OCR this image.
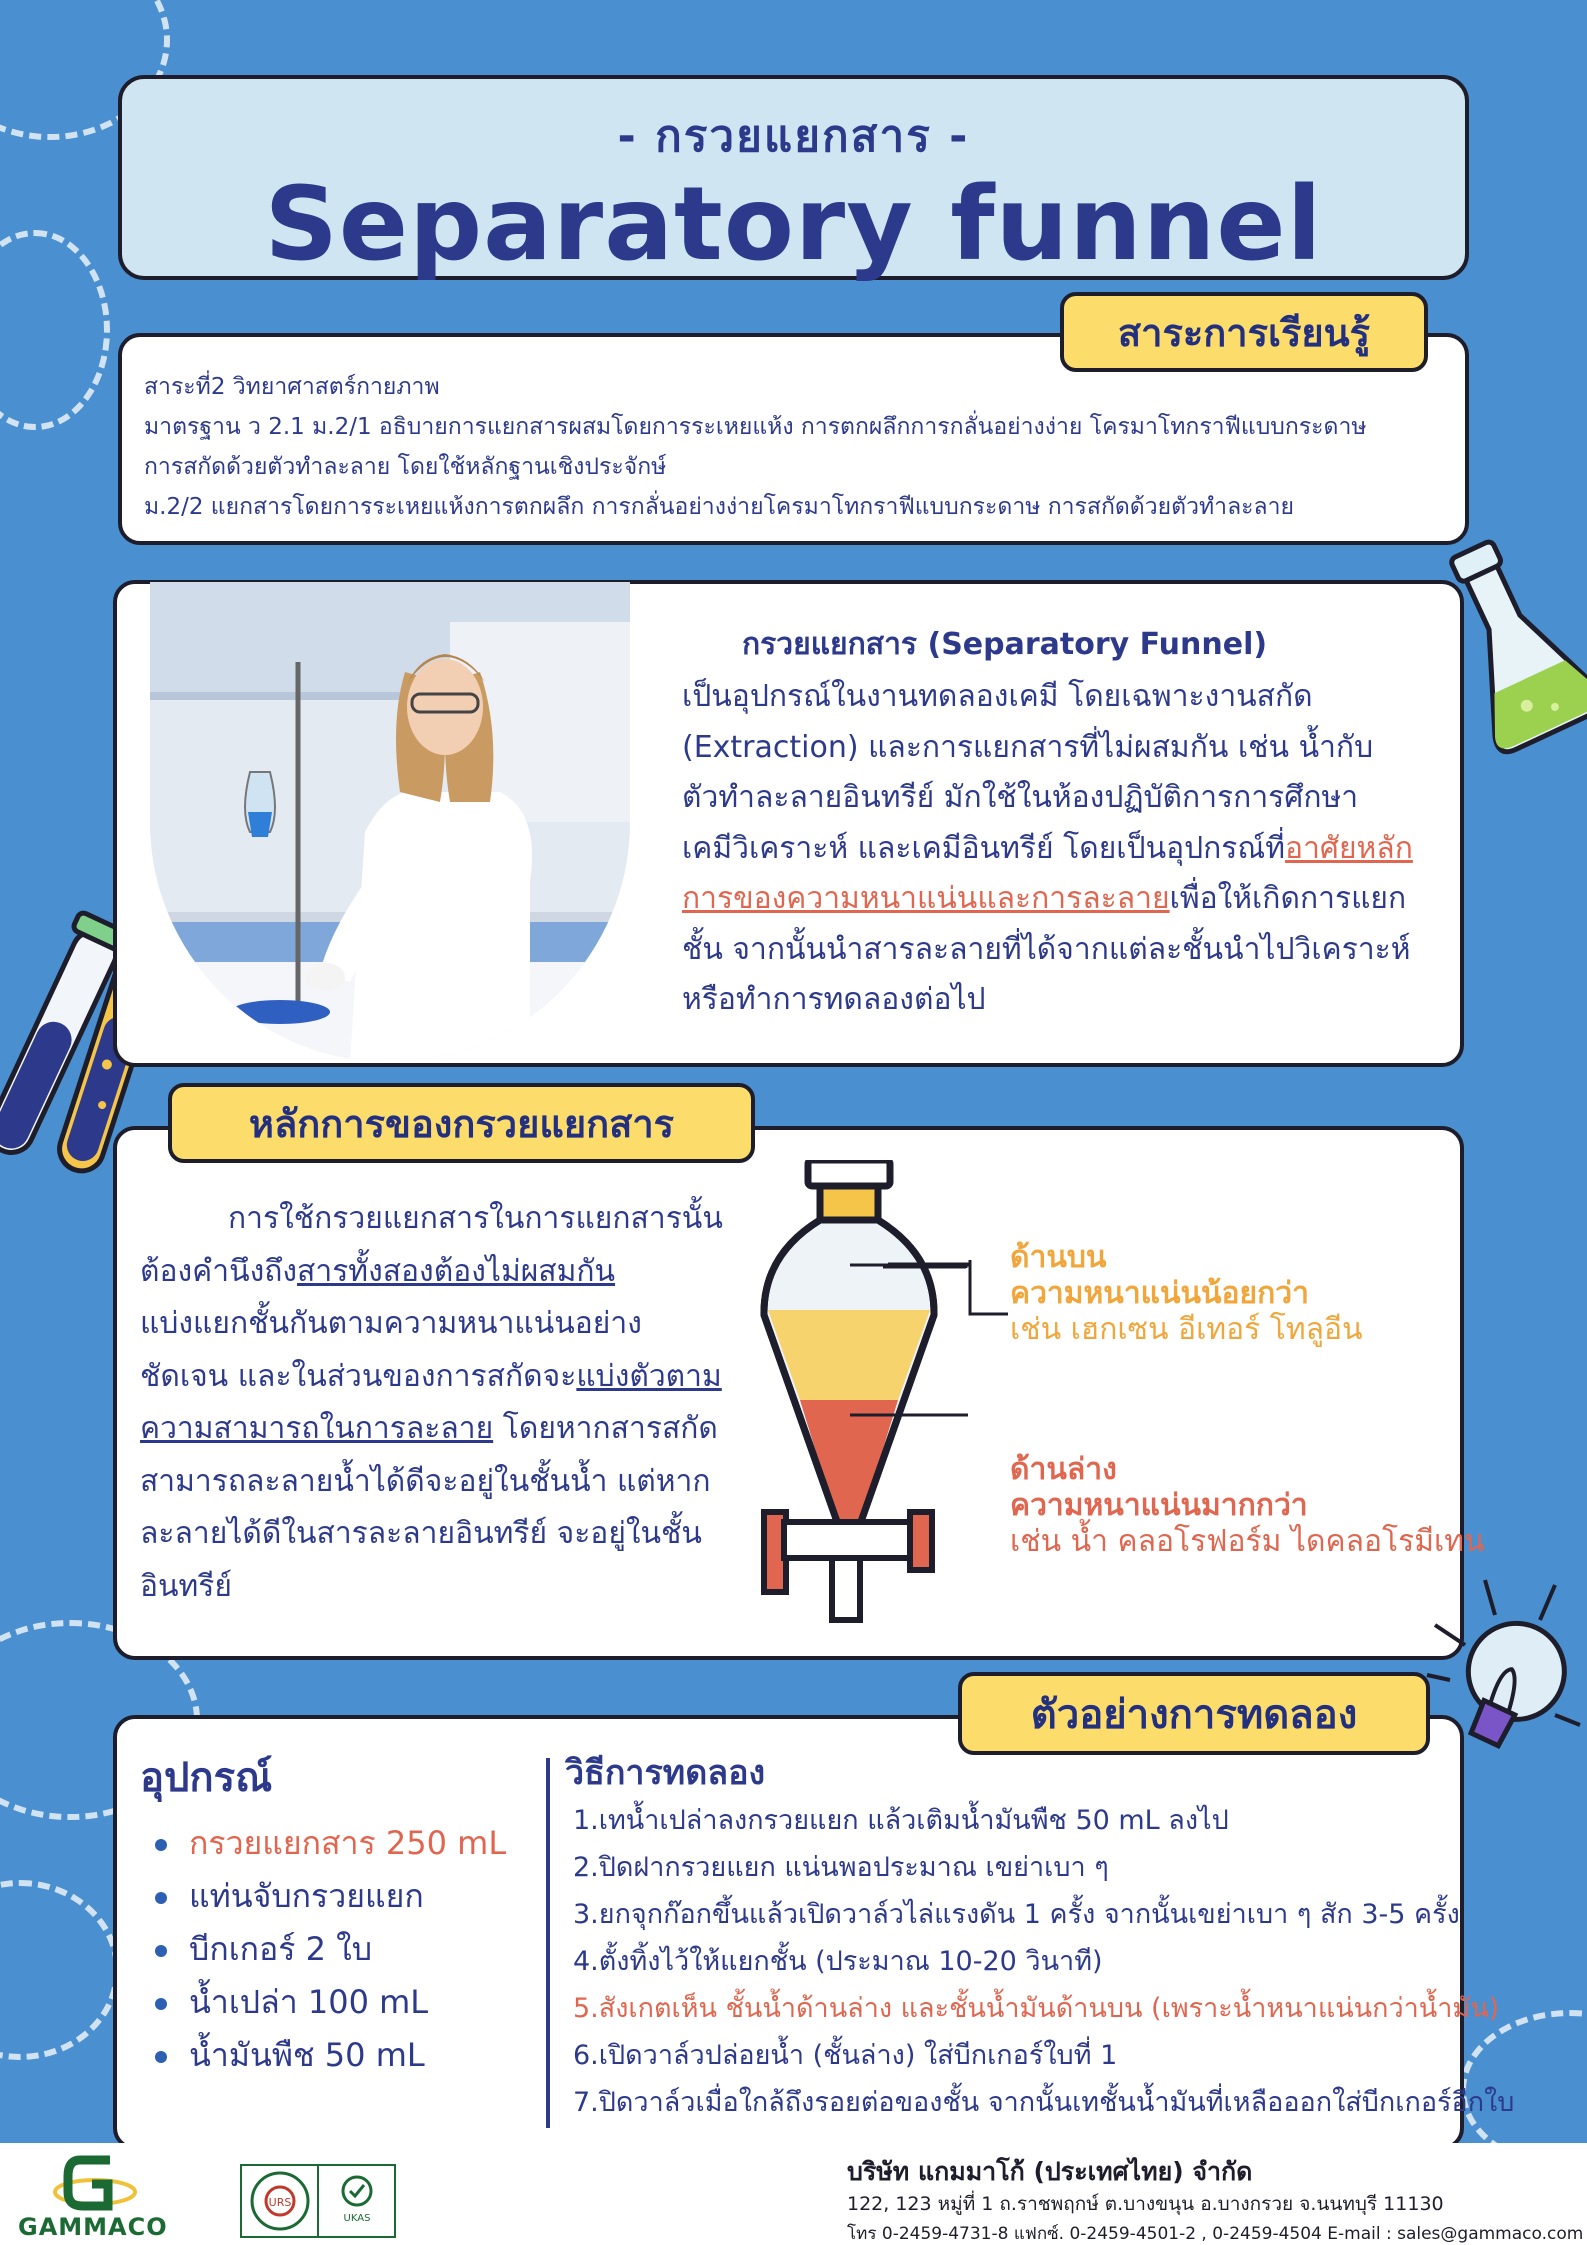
- กรวยแยกสาร -
Separatory funnel

สาระที่2 วิทยาศาสตร์กายภาพ

มาตรฐาน ว 2.1 ม.2/1 อธิบายการแยกสารผสมโดยการระเหยแห้ง การตกผลึกการกลั่นอย่างง่าย โครมาโทกราฟีแบบกระดาษ

การสกัดด้วยตัวทำละลาย โดยใช้หลักฐานเชิงประจักษ์

ม.2/2 แยกสารโดยการระเหยแห้งการตกผลึก การกลั่นอย่างง่ายโครมาโทกราฟีแบบกระดาษ การสกัดด้วยตัวทำละลาย

สาระการเรียนรู้
กรวยแยกสาร (Separatory Funnel)
เป็นอุปกรณ์ในงานทดลองเคมี โดยเฉพาะงานสกัด
(Extraction) และการแยกสารที่ไม่ผสมกัน เช่น น้ำกับ
ตัวทำละลายอินทรีย์ มักใช้ในห้องปฏิบัติการการศึกษา
เคมีวิเคราะห์ และเคมีอินทรีย์ โดยเป็นอุปกรณ์ที่อาศัยหลัก
การของความหนาแน่นและการละลายเพื่อให้เกิดการแยก
ชั้น จากนั้นนำสารละลายที่ได้จากแต่ละชั้นนำไปวิเคราะห์
หรือทำการทดลองต่อไป
หลักการของกรวยแยกสาร
การใช้กรวยแยกสารในการแยกสารนั้น
ต้องคำนึงถึงสารทั้งสองต้องไม่ผสมกัน
แบ่งแยกชั้นกันตามความหนาแน่นอย่าง
ชัดเจน และในส่วนของการสกัดจะแบ่งตัวตาม
ความสามารถในการละลาย โดยหากสารสกัด
สามารถละลายน้ำได้ดีจะอยู่ในชั้นน้ำ แต่หาก
ละลายได้ดีในสารละลายอินทรีย์ จะอยู่ในชั้น
อินทรีย์
ด้านบน
ความหนาแน่นน้อยกว่า
เช่น เฮกเซน อีเทอร์ โทลูอีน
ด้านล่าง
ความหนาแน่นมากกว่า
เช่น น้ำ คลอโรฟอร์ม ไดคลอโรมีเทน
ตัวอย่างการทดลอง
อุปกรณ์
กรวยแยกสาร 250 mL
แท่นจับกรวยแยก
บีกเกอร์ 2 ใบ
น้ำเปล่า 100 mL
น้ำมันพืช 50 mL
วิธีการทดลอง
1.เทน้ำเปล่าลงกรวยแยก แล้วเติมน้ำมันพืช 50 mL ลงไป
2.ปิดฝากรวยแยก แน่นพอประมาณ เขย่าเบา ๆ
3.ยกจุกก๊อกขึ้นแล้วเปิดวาล์วไล่แรงดัน 1 ครั้ง จากนั้นเขย่าเบา ๆ สัก 3-5 ครั้ง
4.ตั้งทิ้งไว้ให้แยกชั้น (ประมาณ 10-20 วินาที)
5.สังเกตเห็น ชั้นน้ำด้านล่าง และชั้นน้ำมันด้านบน (เพราะน้ำหนาแน่นกว่าน้ำมัน)
6.เปิดวาล์วปล่อยน้ำ (ชั้นล่าง) ใส่บีกเกอร์ใบที่ 1
7.ปิดวาล์วเมื่อใกล้ถึงรอยต่อของชั้น จากนั้นเทชั้นน้ำมันที่เหลือออกใส่บีกเกอร์อีกใบ
GAMMACO
URS
UKAS
บริษัท แกมมาโก้ (ประเทศไทย) จำกัด
122, 123 หมู่ที่ 1 ถ.ราชพฤกษ์ ต.บางขนุน อ.บางกรวย จ.นนทบุรี 11130
โทร 0-2459-4731-8 แฟกซ์. 0-2459-4501-2 , 0-2459-4504 E-mail : sales@gammaco.com
